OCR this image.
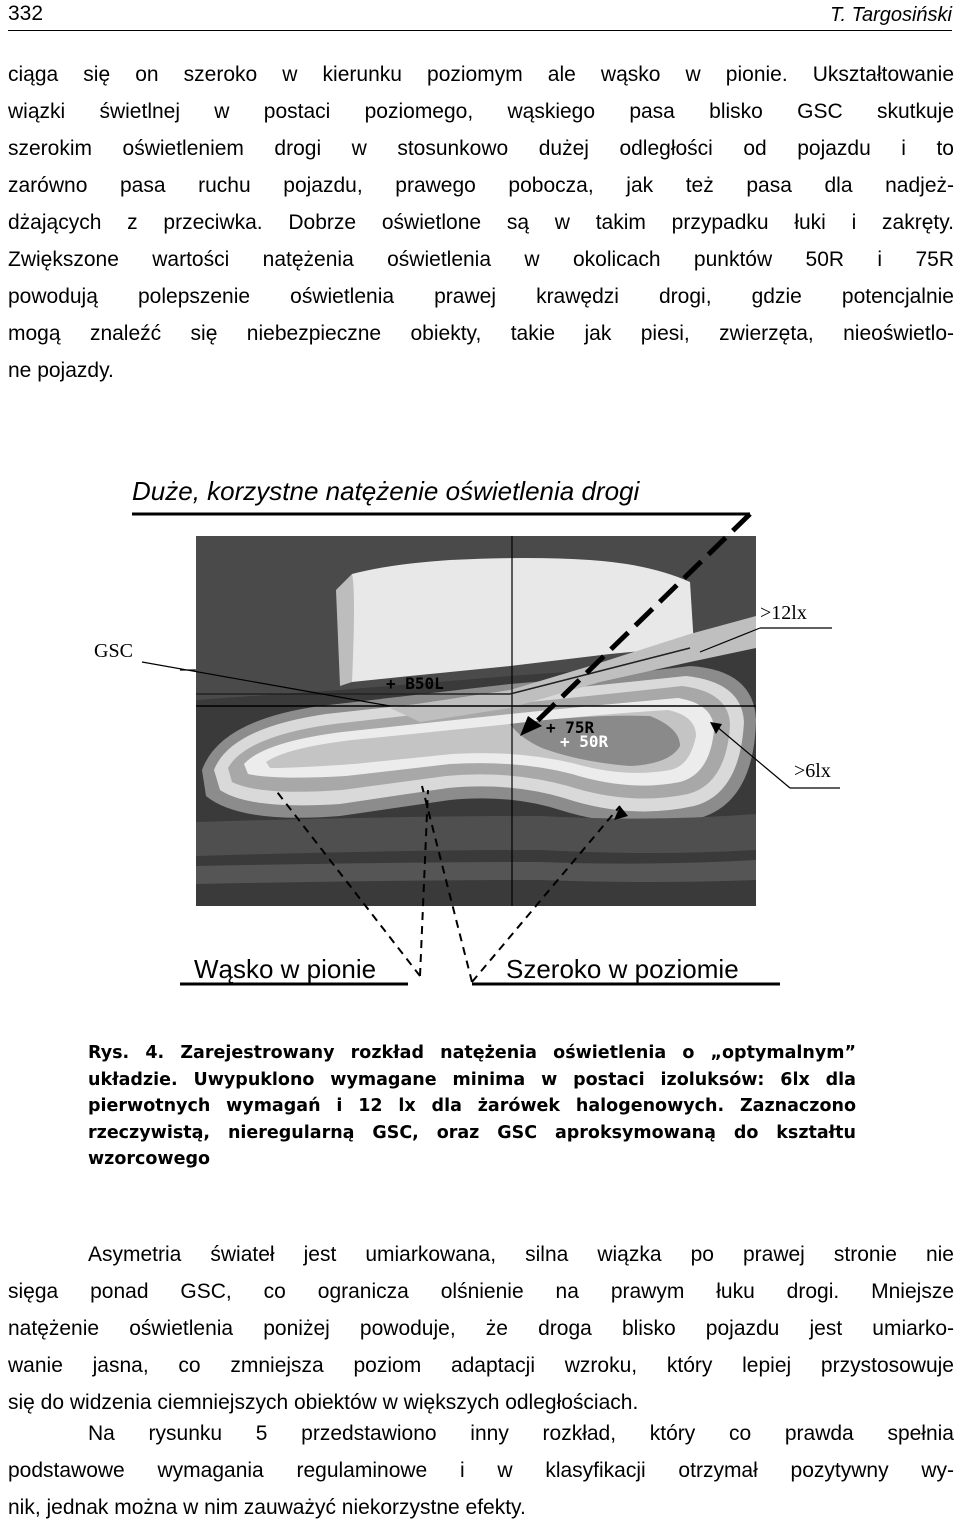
332	T. Targosiński
ciąga się on szeroko w kierunku poziomym ale wąsko w pionie. Ukształtowanie
wiązki świetlnej w postaci poziomego, wąskiego pasa blisko GSC skutkuje
szerokim oświetleniem drogi w stosunkowo dużej odległości od pojazdu i to
zarówno pasa ruchu pojazdu, prawego pobocza, jak też pasa dla nadjeż-
dżających z przeciwka. Dobrze oświetlone są w takim przypadku łuki i zakręty.
Zwiększone wartości natężenia oświetlenia w okolicach punktów 50R i 75R
powodują polepszenie oświetlenia prawej krawędzi drogi, gdzie potencjalnie
mogą znaleźć się niebezpieczne obiekty, takie jak piesi, zwierzęta, nieoświetlo-
ne pojazdy.
Duże, korzystne natężenie oświetlenia drogi
GSC
>12lx
>6lx
+ B50L
+ 75R
+ 50R
Wąsko w pionie	Szeroko w poziomie
Rys. 4. Zarejestrowany rozkład natężenia oświetlenia o „optymalnym”
układzie. Uwypuklono wymagane minima w postaci izoluksów: 6lx dla
pierwotnych wymagań i 12 lx dla żarówek halogenowych. Zaznaczono
rzeczywistą, nieregularną GSC, oraz GSC aproksymowaną do kształtu
wzorcowego
Asymetria świateł jest umiarkowana, silna wiązka po prawej stronie nie
sięga ponad GSC, co ogranicza olśnienie na prawym łuku drogi. Mniejsze
natężenie oświetlenia poniżej powoduje, że droga blisko pojazdu jest umiarko-
wanie jasna, co zmniejsza poziom adaptacji wzroku, który lepiej przystosowuje
się do widzenia ciemniejszych obiektów w większych odległościach.
Na rysunku 5 przedstawiono inny rozkład, który co prawda spełnia
podstawowe wymagania regulaminowe i w klasyfikacji otrzymał pozytywny wy-
nik, jednak można w nim zauważyć niekorzystne efekty.
